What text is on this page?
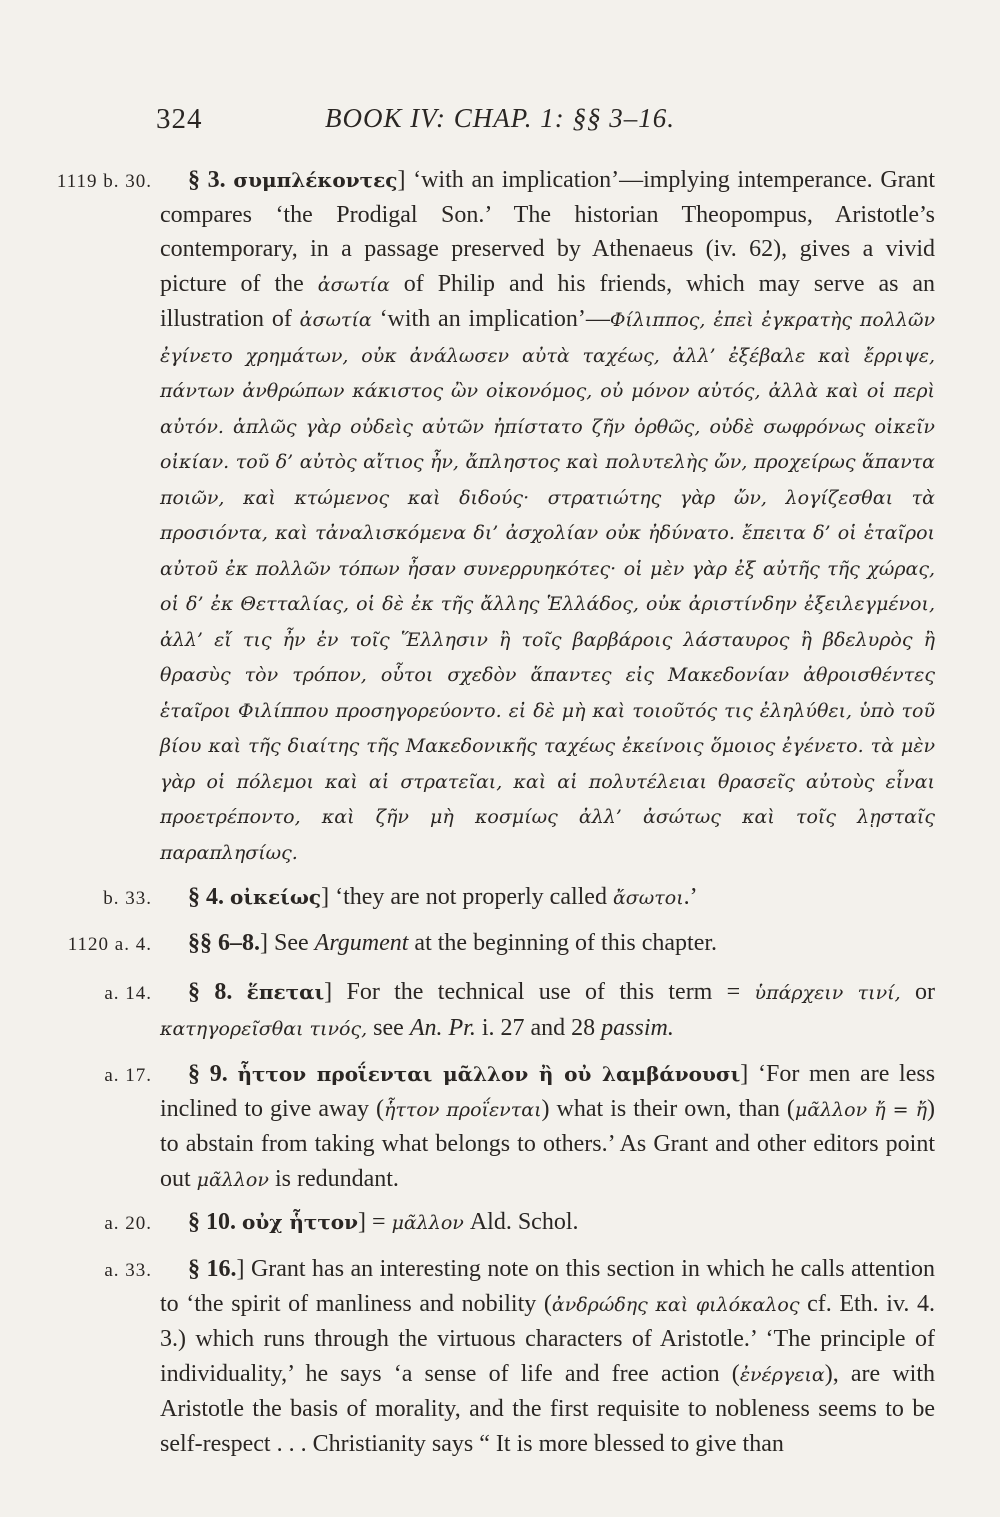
324	BOOK IV: CHAP. 1: §§ 3–16.
1119 b. 30.	§ 3. συμπλέκοντες] ‘with an implication’—implying intemperance. Grant compares ‘the Prodigal Son.’ The historian Theopompus, Aristotle’s contemporary, in a passage preserved by Athenaeus (iv. 62), gives a vivid picture of the ἀσωτία of Philip and his friends, which may serve as an illustration of ἀσωτία ‘with an implication’—Φίλιππος, ἐπεὶ ἐγκρατὴς πολλῶν ἐγίνετο χρημάτων, οὐκ ἀνάλωσεν αὐτὰ ταχέως, ἀλλ’ ἐξέβαλε καὶ ἔρριψε, πάντων ἀνθρώπων κάκιστος ὢν οἰκονόμος, οὐ μόνον αὐτός, ἀλλὰ καὶ οἱ περὶ αὐτόν. ἁπλῶς γὰρ οὐδεὶς αὐτῶν ἠπίστατο ζῆν ὀρθῶς, οὐδὲ σωφρόνως οἰκεῖν οἰκίαν. τοῦ δ’ αὐτὸς αἴτιος ἦν, ἄπληστος καὶ πολυτελὴς ὤν, προχείρως ἅπαντα ποιῶν, καὶ κτώμενος καὶ διδούς· στρατιώτης γὰρ ὤν, λογίζεσθαι τὰ προσιόντα, καὶ τἀναλισκόμενα δι’ ἀσχολίαν οὐκ ἠδύνατο. ἔπειτα δ’ οἱ ἑταῖροι αὐτοῦ ἐκ πολλῶν τόπων ἦσαν συνερρυηκότες· οἱ μὲν γὰρ ἐξ αὐτῆς τῆς χώρας, οἱ δ’ ἐκ Θετταλίας, οἱ δὲ ἐκ τῆς ἄλλης Ἑλλάδος, οὐκ ἀριστίνδην ἐξειλεγμένοι, ἀλλ’ εἴ τις ἦν ἐν τοῖς Ἕλλησιν ἢ τοῖς βαρβάροις λάσταυρος ἢ βδελυρὸς ἢ θρασὺς τὸν τρόπον, οὗτοι σχεδὸν ἅπαντες εἰς Μακεδονίαν ἀθροισθέντες ἑταῖροι Φιλίππου προσηγορεύοντο. εἰ δὲ μὴ καὶ τοιοῦτός τις ἐληλύθει, ὑπὸ τοῦ βίου καὶ τῆς διαίτης τῆς Μακεδονικῆς ταχέως ἐκείνοις ὅμοιος ἐγένετο. τὰ μὲν γὰρ οἱ πόλεμοι καὶ αἱ στρατεῖαι, καὶ αἱ πολυτέλειαι θρασεῖς αὐτοὺς εἶναι προετρέποντο, καὶ ζῆν μὴ κοσμίως ἀλλ’ ἀσώτως καὶ τοῖς λῃσταῖς παραπλησίως.
b. 33.	§ 4. οἰκείως] ‘they are not properly called ἄσωτοι.’
1120 a. 4.	§§ 6–8.] See Argument at the beginning of this chapter.
a. 14.	§ 8. ἕπεται] For the technical use of this term = ὑπάρχειν τινί, or κατηγορεῖσθαι τινός, see An. Pr. i. 27 and 28 passim.
a. 17.	§ 9. ἧττον προΐενται μᾶλλον ἢ οὐ λαμβάνουσι] ‘For men are less inclined to give away (ἧττον προΐενται) what is their own, than (μᾶλλον ἤ = ἤ) to abstain from taking what belongs to others.’ As Grant and other editors point out μᾶλλον is redundant.
a. 20.	§ 10. οὐχ ἧττον] = μᾶλλον Ald. Schol.
a. 33.	§ 16.] Grant has an interesting note on this section in which he calls attention to ‘the spirit of manliness and nobility (ἀνδρώδης καὶ φιλόκαλος cf. Eth. iv. 4. 3.) which runs through the virtuous characters of Aristotle.’ ‘The principle of individuality,’ he says ‘a sense of life and free action (ἐνέργεια), are with Aristotle the basis of morality, and the first requisite to nobleness seems to be self-respect . . . Christianity says “ It is more blessed to give than
